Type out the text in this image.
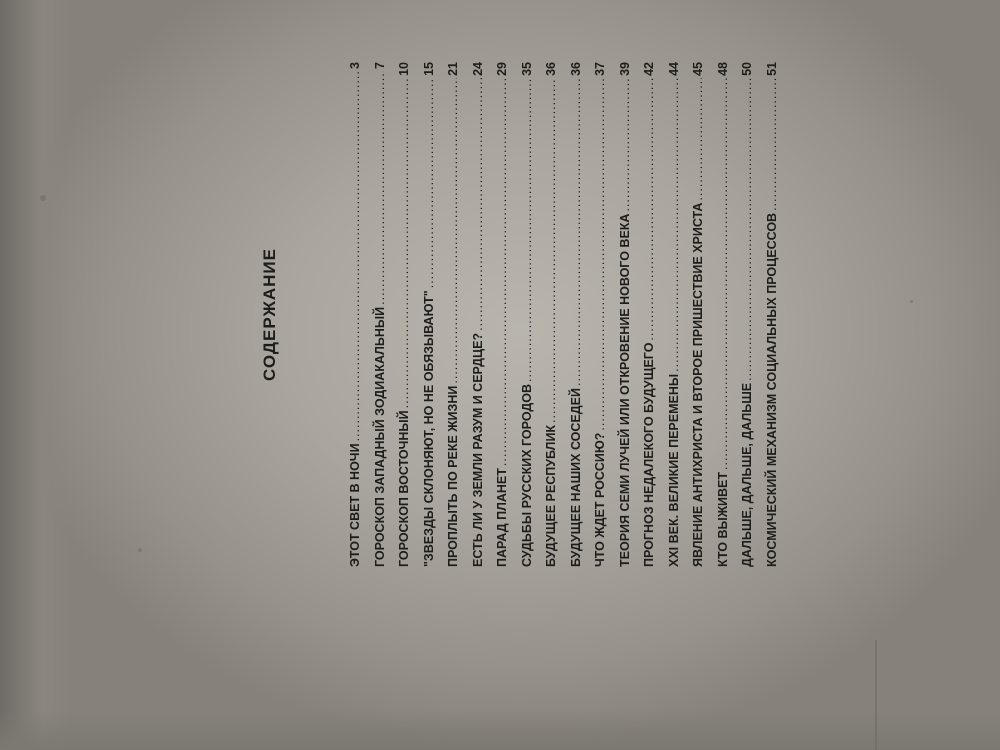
СОДЕРЖАНИЕ
ЭТОТ СВЕТ В НОЧИ
.....
3
ГОРОСКОП ЗАПАДНЫЙ ЗОДИАКАЛЬНЫЙ
.....
7
ГОРОСКОП ВОСТОЧНЫЙ
.....
10
"ЗВЕЗДЫ СКЛОНЯЮТ, НО НЕ ОБЯЗЫВАЮТ"
.....
15
ПРОПЛЫТЬ ПО РЕКЕ ЖИЗНИ
.....
21
ЕСТЬ ЛИ У ЗЕМЛИ РАЗУМ И СЕРДЦЕ?
.....
24
ПАРАД ПЛАНЕТ
.....
29
СУДЬБЫ РУССКИХ ГОРОДОВ
.....
35
БУДУЩЕЕ РЕСПУБЛИК
.....
36
БУДУЩЕЕ НАШИХ СОСЕДЕЙ
.....
36
ЧТО ЖДЕТ РОССИЮ?
.....
37
ТЕОРИЯ СЕМИ ЛУЧЕЙ ИЛИ ОТКРОВЕНИЕ НОВОГО ВЕКА
.....
39
ПРОГНОЗ НЕДАЛЕКОГО БУДУЩЕГО
.....
42
XXI ВЕК. ВЕЛИКИЕ ПЕРЕМЕНЫ
.....
44
ЯВЛЕНИЕ АНТИХРИСТА И ВТОРОЕ ПРИШЕСТВИЕ ХРИСТА
.....
45
КТО ВЫЖИВЕТ
.....
48
ДАЛЬШЕ, ДАЛЬШЕ, ДАЛЬШЕ
.....
50
КОСМИЧЕСКИЙ МЕХАНИЗМ СОЦИАЛЬНЫХ ПРОЦЕССОВ
.....
51
